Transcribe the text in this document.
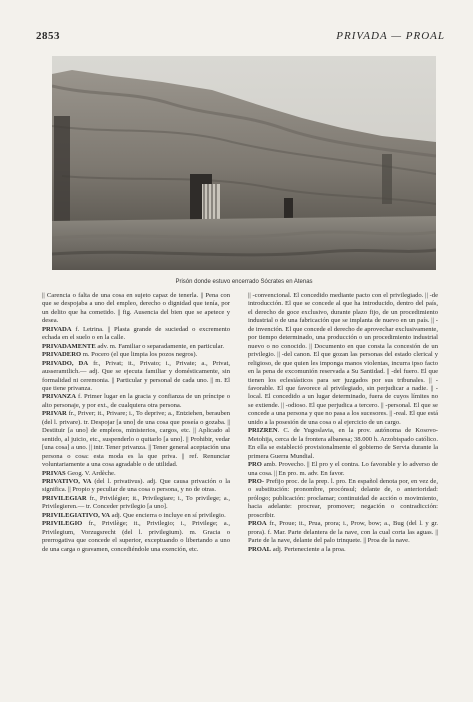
2853	PRIVADA — PROAL
Prisón donde estuvo encerrado Sócrates en Atenas

|| Carencia o falta de una cosa en sujeto capaz de tenerla. || Pena con que se despojaba a uno del empleo, derecho o dignidad que tenía, por un delito que ha cometido. || fig. Ausencia del bien que se apetece y desea.

PRIVADA f. Letrina. || Plasta grande de suciedad o excremento echada en el suelo o en la calle.

PRIVADAMENTE adv. m. Familiar o separadamente, en particular.

PRIVADERO m. Pocero (el que limpia los pozos negros).

PRIVADO, DA fr., Privat; it., Privato; i., Private; a., Privat, ausseramtlich.— adj. Que se ejecuta familiar y domésticamente, sin formalidad ni ceremonia. || Particular y personal de cada uno. || m. El que tiene privanza.

PRIVANZA f. Primer lugar en la gracia y confianza de un príncipe o alto personaje, y por ext., de cualquiera otra persona.

PRIVAR fr., Priver; it., Privare; i., To deprive; a., Entziehen, berauben (del l. privare). tr. Despojar [a uno] de una cosa que poseía o gozaba. || Destituir [a uno] de empleos, ministerios, cargos, etc. || Aplicado al sentido, al juicio, etc., suspenderlo o quitarlo [a uno]. || Prohibir, vedar [una cosa] a uno. || intr. Tener privanza. || Tener general aceptación una persona o cosa: esta moda es la que priva. || ref. Renunciar voluntariamente a una cosa agradable o de utilidad.

PRIVAS Geog. V. Ardèche.

PRIVATIVO, VA (del l. privativus). adj. Que causa privación o la significa. || Propio y peculiar de una cosa o persona, y no de otras.

PRIVILEGIAR fr., Privilégier; it., Privilegiare; i., To privilege; a., Privilegieren.— tr. Conceder privilegio [a uno].

PRIVILEGIATIVO, VA adj. Que encierra o incluye en sí privilegio.

PRIVILEGIO fr., Privilège; it., Privilegio; i., Privilege; a., Privilegium, Vorzugsrecht (del l. privilegium). m. Gracia o prerrogativa que concede el superior, exceptuando o libertando a uno de una carga o gravamen, concediéndole una exención, etc.

|| -convencional. El concedido mediante pacto con el privilegiado. || -de introducción. El que se concede al que ha introducido, dentro del país, el derecho de goce exclusivo, durante plazo fijo, de un procedimiento industrial o de una fabricación que se implanta de nuevo en un país. || -de invención. El que concede el derecho de aprovechar exclusivamente, por tiempo determinado, una producción o un procedimiento industrial nuevo o no conocido. || Documento en que consta la concesión de un privilegio. || -del canon. El que gozan las personas del estado clerical y religioso, de que quien les imponga manos violentas, incurra ipso facto en la pena de excomunión reservada a Su Santidad. || -del fuero. El que tienen los eclesiásticos para ser juzgados por sus tribunales. || -favorable. El que favorece al privilegiado, sin perjudicar a nadie. || -local. El concedido a un lugar determinado, fuera de cuyos límites no se extiende. || -odioso. El que perjudica a tercero. || -personal. El que se concede a una persona y que no pasa a los sucesores. || -real. El que está unido a la posesión de una cosa o al ejercicio de un cargo.

PRIZREN. C. de Yugoslavia, en la prov. autónoma de Kosovo-Metohija, cerca de la frontera albanesa; 38.000 h. Arzobispado católico. En ella se estableció provisionalmente el gobierno de Servia durante la primera Guerra Mundial.

PRO amb. Provecho. || El pro y el contra. Lo favorable y lo adverso de una cosa. || En pro. m. adv. En favor.

PRO- Prefijo proc. de la prep. l. pro. En español denota por, en vez de, o substitución: pronombre, procónsul; delante de, o anterioridad: prólogo; publicación: proclamar; continuidad de acción o movimiento, hacia adelante: procrear, promover; negación o contradicción: proscribir.

PROA fr., Proue; it., Prua, prora; i., Prow, bow; a., Bug (del l. y gr. prora). f. Mar. Parte delantera de la nave, con la cual corta las aguas. || Parte de la nave, delante del palo trinquete. || Proa de la nave.

PROAL adj. Perteneciente a la proa.
